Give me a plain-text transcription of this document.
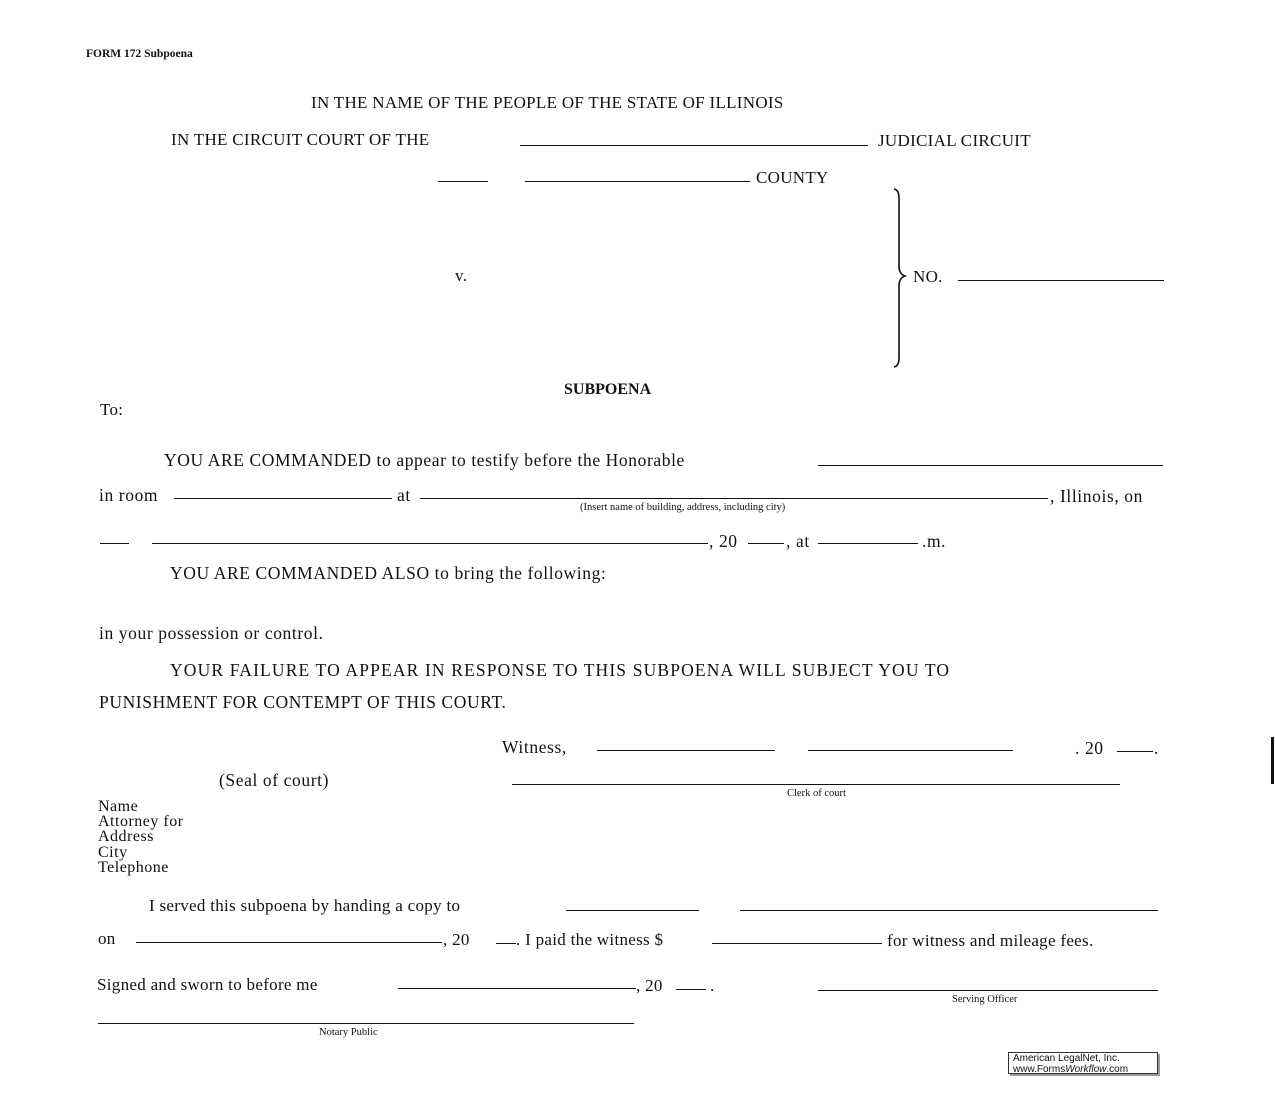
FORM 172 Subpoena
IN THE NAME OF THE PEOPLE OF THE STATE OF ILLINOIS
IN THE CIRCUIT COURT OF THE	JUDICIAL CIRCUIT
COUNTY
v.	NO.
SUBPOENA
To:
YOU ARE COMMANDED to appear to testify before the Honorable
in room	at	, Illinois, on
(Insert name of building, address, including city)
, 20	, at	.m.
YOU ARE COMMANDED ALSO to bring the following:
in your possession or control.
YOUR FAILURE TO APPEAR IN RESPONSE TO THIS SUBPOENA WILL SUBJECT YOU TO
PUNISHMENT FOR CONTEMPT OF THIS COURT.
Witness,	. 20	.
(Seal of court)
Clerk of court
Name
Attorney for
Address
City
Telephone
I served this subpoena by handing a copy to
on	, 20	. I paid the witness $	for witness and mileage fees.
Signed and sworn to before me	, 20	.
Serving Officer
Notary Public
American LegalNet, Inc.
www.FormsWorkflow.com
